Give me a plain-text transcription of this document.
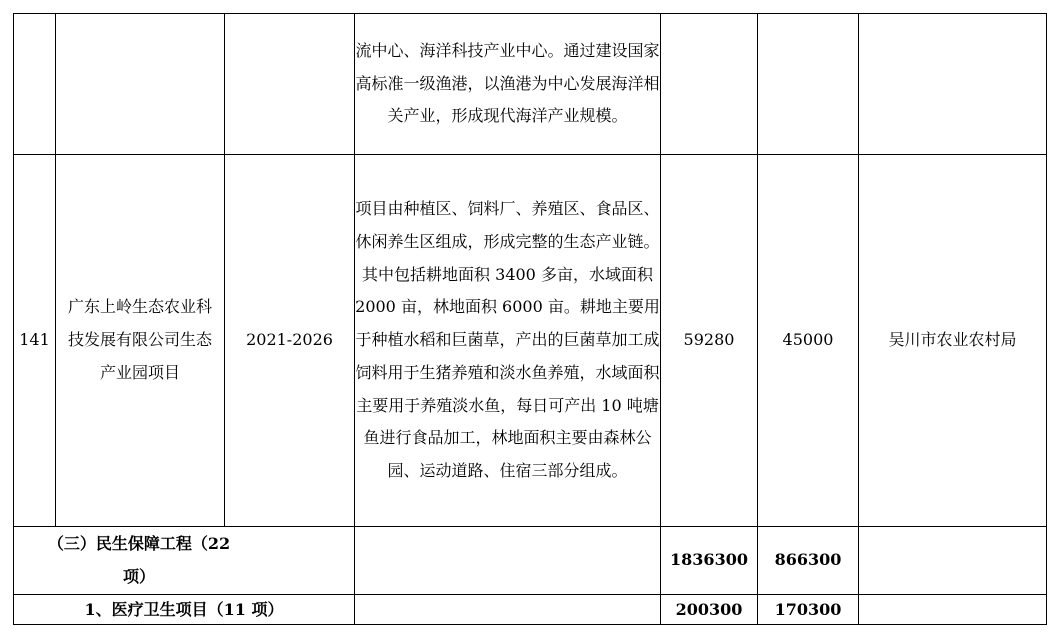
			流中心、海洋科技产业中心。通过建设国家高标准一级渔港，以渔港为中心发展海洋相关产业，形成现代海洋产业规模。			
141	广东上岭生态农业科技发展有限公司生态产业园项目	2021-2026	项目由种植区、饲料厂、养殖区、食品区、休闲养生区组成，形成完整的生态产业链。其中包括耕地面积 3400 多亩，水域面积 2000 亩，林地面积 6000 亩。耕地主要用于种植水稻和巨菌草，产出的巨菌草加工成饲料用于生猪养殖和淡水鱼养殖，水域面积主要用于养殖淡水鱼，每日可产出 10 吨塘鱼进行食品加工，林地面积主要由森林公园、运动道路、住宿三部分组成。	59280	45000	吴川市农业农村局
（三）民生保障工程（22 项）				1836300	866300	
1、医疗卫生项目（11 项）				200300	170300	
